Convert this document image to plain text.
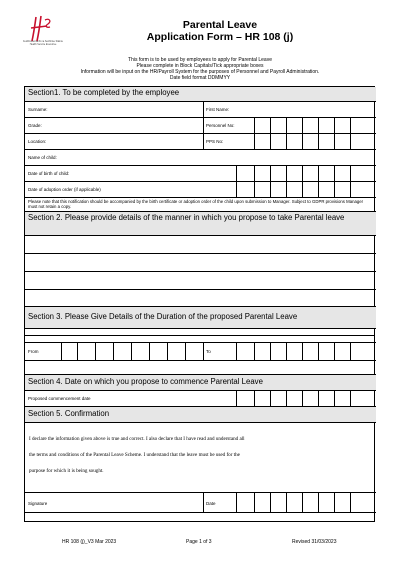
Feidhmeannacht na Seirbhíse Sláinte Health Service Executive
Parental Leave
Application Form – HR 108 (j)
This form is to be used by employees to apply for Parental Leave
Please complete in Block Capitals/Tick appropriate boxes
Information will be input on the HR/Payroll System for the purposes of Personnel and Payroll Administration.
Date field format DDMMYY
Section1. To be completed by the employee
Surname:	First Name:
Grade:	Personnel No:
Location:	PPS No:
Name of child:
Date of birth of child:
Date of adoption order (if applicable)
Please note that this notification should be accompanied by the birth certificate or adoption order of the child upon submission to Manager. Subject to GDPR provisions Manager must not retain a copy.
Section 2. Please provide details of the manner in which you propose to take Parental leave
Section 3. Please Give Details of the Duration of the proposed Parental Leave
From	To
Section 4. Date on which you propose to commence Parental Leave
Proposed commencement date
Section 5. Confirmation
I declare the information given above is true and correct. I also declare that I have read and understand all
the terms and conditions of the Parental Leave Scheme. I understand that the leave must be used for the
purpose for which it is being sought.
Signature	Date
HR 108 (j)_V3 Mar 2023	Page 1 of 3	Revised 31/03/2023
